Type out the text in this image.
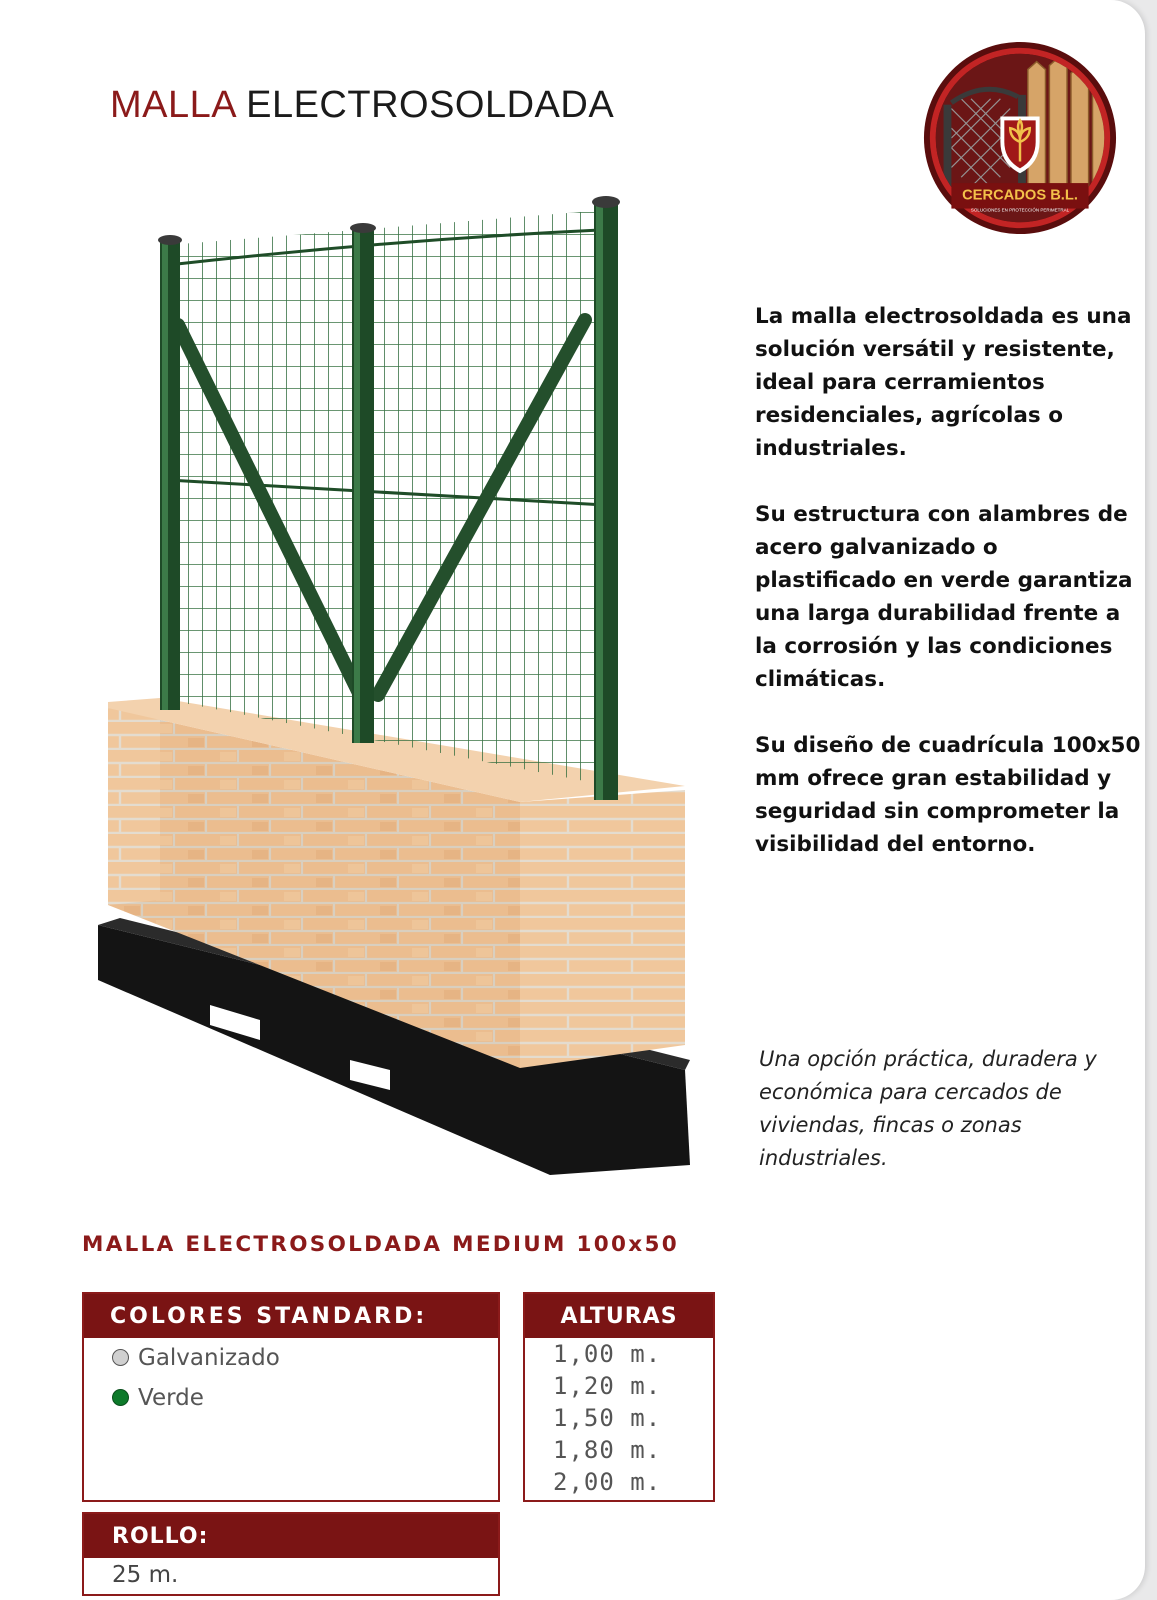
MALLA ELECTROSOLDADA
CERCADOS B.L.
SOLUCIONES EN PROTECCIÓN PERIMETRAL

La malla electrosoldada es una solución versátil y resistente, ideal para cerramientos residenciales, agrícolas o industriales.

Su estructura con alambres de acero galvanizado o plastificado en verde garantiza una larga durabilidad frente a la corrosión y las condiciones climáticas.

Su diseño de cuadrícula 100x50 mm ofrece gran estabilidad y seguridad sin comprometer la visibilidad del entorno.

Una opción práctica, duradera y económica para cercados de viviendas, fincas o zonas industriales.
MALLA ELECTROSOLDADA MEDIUM 100x50
COLORES STANDARD:
Galvanizado
Verde
ALTURAS
1,00 m.
1,20 m.
1,50 m.
1,80 m.
2,00 m.
ROLLO:
25 m.
